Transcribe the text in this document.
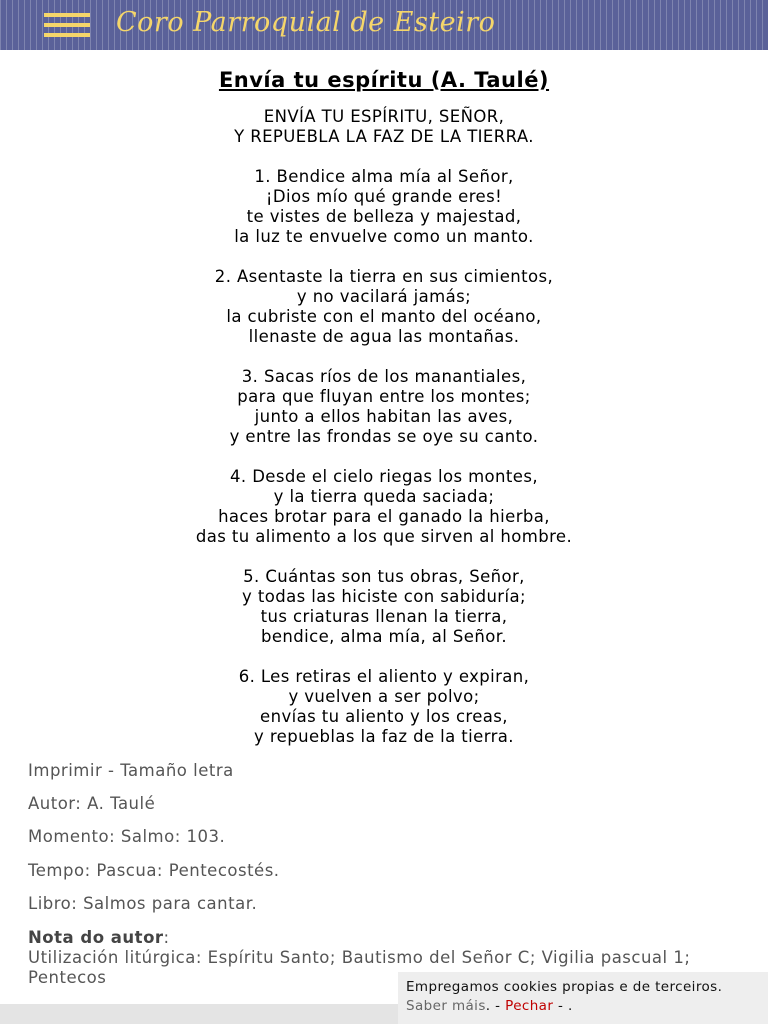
Coro Parroquial de Esteiro
Envía tu espíritu (A. Taulé)

ENVÍA TU ESPÍRITU, SEÑOR,
Y REPUEBLA LA FAZ DE LA TIERRA.

1. Bendice alma mía al Señor,
¡Dios mío qué grande eres!
te vistes de belleza y majestad,
la luz te envuelve como un manto.

2. Asentaste la tierra en sus cimientos,
y no vacilará jamás;
la cubriste con el manto del océano,
llenaste de agua las montañas.

3. Sacas ríos de los manantiales,
para que fluyan entre los montes;
junto a ellos habitan las aves,
y entre las frondas se oye su canto.

4. Desde el cielo riegas los montes,
y la tierra queda saciada;
haces brotar para el ganado la hierba,
das tu alimento a los que sirven al hombre.

5. Cuántas son tus obras, Señor,
y todas las hiciste con sabiduría;
tus criaturas llenan la tierra,
bendice, alma mía, al Señor.

6. Les retiras el aliento y expiran,
y vuelven a ser polvo;
envías tu aliento y los creas,
y repueblas la faz de la tierra.

Imprimir - Tamaño letra
Autor: A. Taulé
Momento: Salmo: 103.
Tempo: Pascua: Pentecostés.
Libro: Salmos para cantar.
Nota do autor:
Utilización litúrgica: Espíritu Santo; Bautismo del Señor C; Vigilia pascual 1; Pentecos	Empregamos cookies propias e de terceiros. Saber máis. - Pechar - .
